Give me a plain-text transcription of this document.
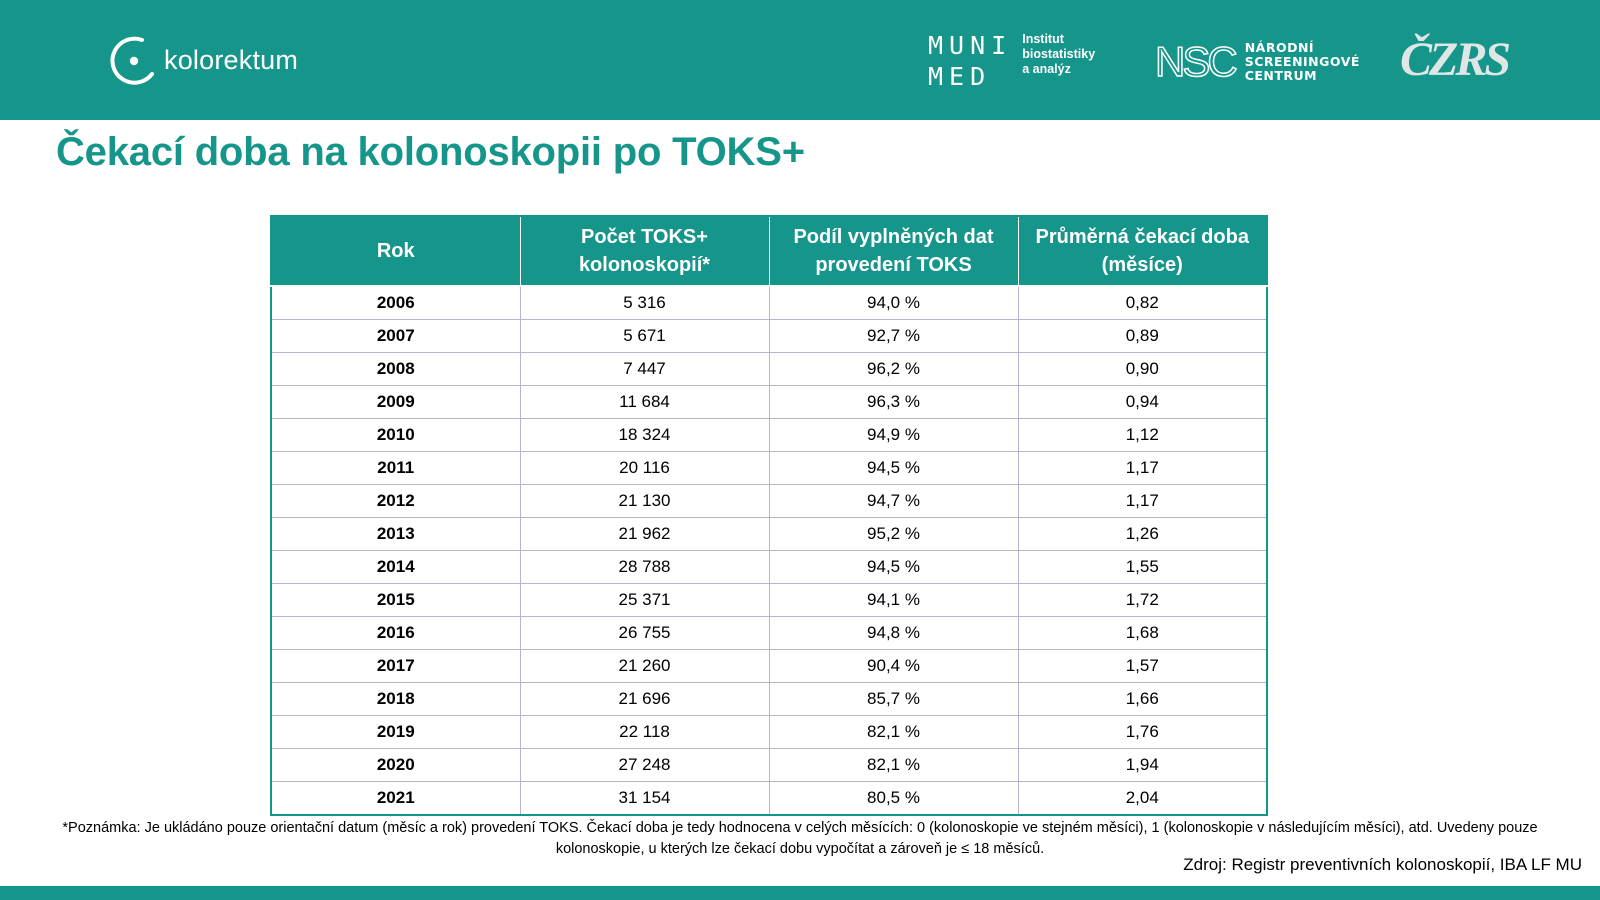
kolorektum	MUNI
MED
Institut
biostatistiky
a analýz	NSC NÁRODNÍ
SCREENINGOVÉ
CENTRUM	ČZRS
Čekací doba na kolonoskopii po TOKS+
Rok	Počet TOKS+ kolonoskopií*	Podíl vyplněných dat provedení TOKS	Průměrná čekací doba (měsíce)
2006	5 316	94,0 %	0,82
2007	5 671	92,7 %	0,89
2008	7 447	96,2 %	0,90
2009	11 684	96,3 %	0,94
2010	18 324	94,9 %	1,12
2011	20 116	94,5 %	1,17
2012	21 130	94,7 %	1,17
2013	21 962	95,2 %	1,26
2014	28 788	94,5 %	1,55
2015	25 371	94,1 %	1,72
2016	26 755	94,8 %	1,68
2017	21 260	90,4 %	1,57
2018	21 696	85,7 %	1,66
2019	22 118	82,1 %	1,76
2020	27 248	82,1 %	1,94
2021	31 154	80,5 %	2,04

*Poznámka: Je ukládáno pouze orientační datum (měsíc a rok) provedení TOKS. Čekací doba je tedy hodnocena v celých měsících: 0 (kolonoskopie ve stejném měsíci), 1 (kolonoskopie v následujícím měsíci), atd. Uvedeny pouze kolonoskopie, u kterých lze čekací dobu vypočítat a zároveň je ≤ 18 měsíců.

Zdroj: Registr preventivních kolonoskopií, IBA LF MU
